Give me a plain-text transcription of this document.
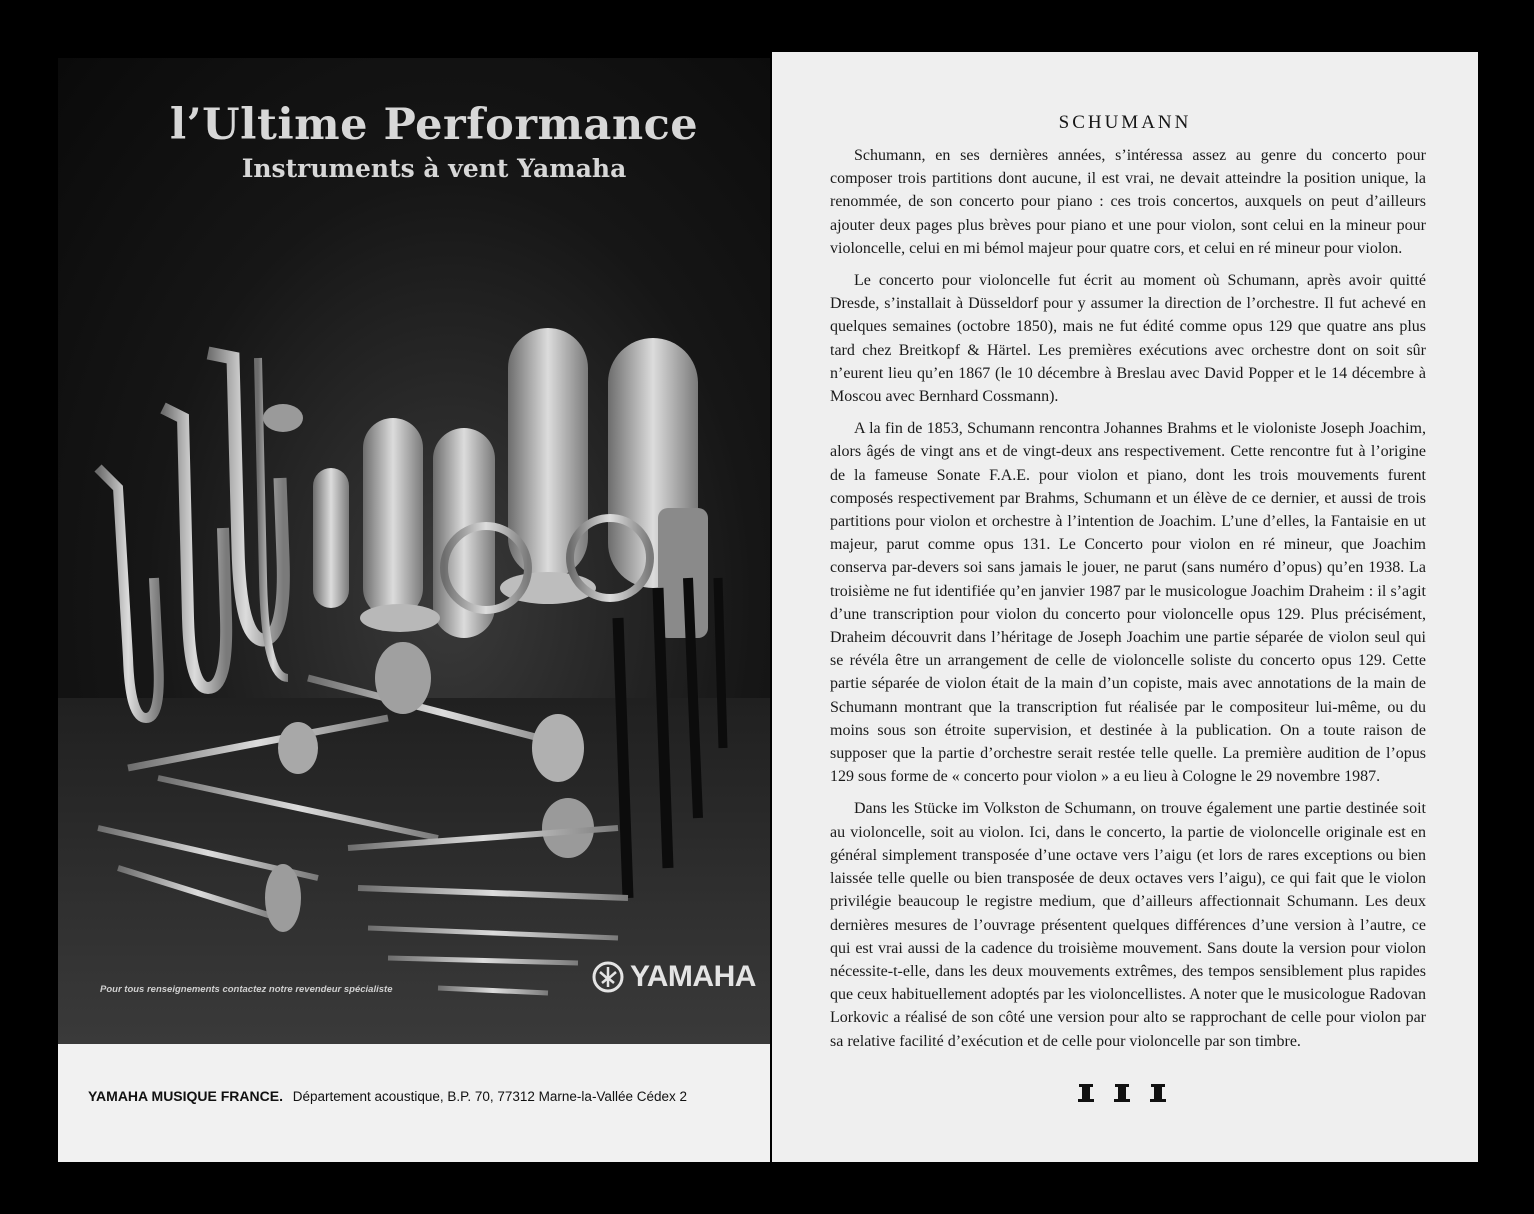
l’Ultime Performance
Instruments à vent Yamaha
Pour tous renseignements contactez notre revendeur spécialiste	YAMAHA
YAMAHA MUSIQUE FRANCE. Département acoustique, B.P. 70, 77312 Marne-la-Vallée Cédex 2
SCHUMANN

Schumann, en ses dernières années, s’intéressa assez au genre du concerto pour composer trois partitions dont aucune, il est vrai, ne devait atteindre la position unique, la renommée, de son concerto pour piano : ces trois concertos, auxquels on peut d’ailleurs ajouter deux pages plus brèves pour piano et une pour violon, sont celui en la mineur pour violoncelle, celui en mi bémol majeur pour quatre cors, et celui en ré mineur pour violon.

Le concerto pour violoncelle fut écrit au moment où Schumann, après avoir quitté Dresde, s’installait à Düsseldorf pour y assumer la direction de l’orchestre. Il fut achevé en quelques semaines (octobre 1850), mais ne fut édité comme opus 129 que quatre ans plus tard chez Breitkopf & Härtel. Les premières exécutions avec orchestre dont on soit sûr n’eurent lieu qu’en 1867 (le 10 décembre à Breslau avec David Popper et le 14 décembre à Moscou avec Bernhard Cossmann).

A la fin de 1853, Schumann rencontra Johannes Brahms et le violoniste Joseph Joachim, alors âgés de vingt ans et de vingt-deux ans respectivement. Cette rencontre fut à l’origine de la fameuse Sonate F.A.E. pour violon et piano, dont les trois mouvements furent composés respectivement par Brahms, Schumann et un élève de ce dernier, et aussi de trois partitions pour violon et orchestre à l’intention de Joachim. L’une d’elles, la Fantaisie en ut majeur, parut comme opus 131. Le Concerto pour violon en ré mineur, que Joachim conserva par-devers soi sans jamais le jouer, ne parut (sans numéro d’opus) qu’en 1938. La troisième ne fut identifiée qu’en janvier 1987 par le musicologue Joachim Draheim : il s’agit d’une transcription pour violon du concerto pour violoncelle opus 129. Plus précisément, Draheim découvrit dans l’héritage de Joseph Joachim une partie séparée de violon seul qui se révéla être un arrangement de celle de violoncelle soliste du concerto opus 129. Cette partie séparée de violon était de la main d’un copiste, mais avec annotations de la main de Schumann montrant que la transcription fut réalisée par le compositeur lui-même, ou du moins sous son étroite supervision, et destinée à la publication. On a toute raison de supposer que la partie d’orchestre serait restée telle quelle. La première audition de l’opus 129 sous forme de « concerto pour violon » a eu lieu à Cologne le 29 novembre 1987.

Dans les Stücke im Volkston de Schumann, on trouve également une partie destinée soit au violoncelle, soit au violon. Ici, dans le concerto, la partie de violoncelle originale est en général simplement transposée d’une octave vers l’aigu (et lors de rares exceptions ou bien laissée telle quelle ou bien transposée de deux octaves vers l’aigu), ce qui fait que le violon privilégie beaucoup le registre medium, que d’ailleurs affectionnait Schumann. Les deux dernières mesures de l’ouvrage présentent quelques différences d’une version à l’autre, ce qui est vrai aussi de la cadence du troisième mouvement. Sans doute la version pour violon nécessite-t-elle, dans les deux mouvements extrêmes, des tempos sensiblement plus rapides que ceux habituellement adoptés par les violoncellistes. A noter que le musicologue Radovan Lorkovic a réalisé de son côté une version pour alto se rapprochant de celle pour violon par sa relative facilité d’exécution et de celle pour violoncelle par son timbre.
